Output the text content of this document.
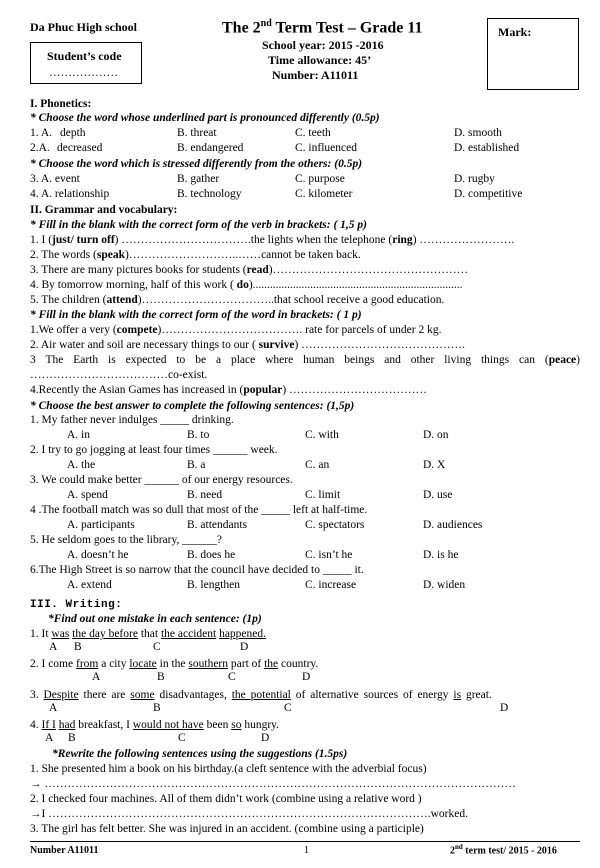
Da Phuc High school
Student’s code
………………
The 2nd Term Test – Grade 11
School year: 2015 -2016
Time allowance: 45’
Number: A11011
Mark:
I. Phonetics:
* Choose the word whose underlined part is pronounced differently (0.5p)
1. A. depth	B. threat	C. teeth	D. smooth
2.A. decreased	B. endangered	C. influenced	D. established
* Choose the word which is stressed differently from the others: (0.5p)
3. A. event	B. gather	C. purpose	D. rugby
4. A. relationship	B. technology	C. kilometer	D. competitive
II. Grammar and vocabulary:
* Fill in the blank with the correct form of the verb in brackets: ( 1,5 p)
1. I (just/ turn off) …………………………….the lights when the telephone (ring) …………………….
2. The words (speak)………………………..……cannot be taken back.
3. There are many pictures books for students (read)……………………………………………
4. By tomorrow morning, half of this work ( do).........................................................................
5. The children (attend)……………………………..that school receive a good education.
* Fill in the blank with the correct form of the word in brackets: ( 1 p)
1.We offer a very (compete)………………………………. rate for parcels of under 2 kg.
2. Air water and soil are necessary things to our ( survive) …………………………………….
3 The Earth is expected to be a place where human beings and other living things can (peace)
………………………………co-exist.
4.Recently the Asian Games has increased in (popular) ………………………………
* Choose the best answer to complete the following sentences: (1,5p)
1. My father never indulges _____ drinking.
A. in	B. to	C. with	D. on
2. I try to go jogging at least four times ______ week.
A. the	B. a	C. an	D. X
3. We could make better ______ of our energy resources.
A. spend	B. need	C. limit	D. use
4 .The football match was so dull that most of the _____ left at half-time.
A. participants	B. attendants	C. spectators	D. audiences
5. He seldom goes to the library, ______?
A. doesn’t he	B. does he	C. isn’t he	D. is he
6.The High Street is so narrow that the council have decided to _____ it.
A. extend	B. lengthen	C. increase	D. widen
III. Writing:
*Find out one mistake in each sentence: (1p)
1. It was the day before that the accident happened.
A B	C	D
2. I come from a city locate in the southern part of the country.
A	B	C	D
3. Despite there are some disadvantages, the potential of alternative sources of energy is great.
A	B	C	D
4. If I had breakfast, I would not have been so hungry.
A B	C	D
*Rewrite the following sentences using the suggestions (1.5ps)
1. She presented him a book on his birthday.(a cleft sentence with the adverbial focus)
→ ……………………………………………………………………………………………………………
2. I checked four machines. All of them didn’t work (combine using a relative word )
→I ……………………………………………………………………………………….worked.
3. The girl has felt better. She was injured in an accident. (combine using a participle)
Number A11011	1	2nd term test/ 2015 - 2016
